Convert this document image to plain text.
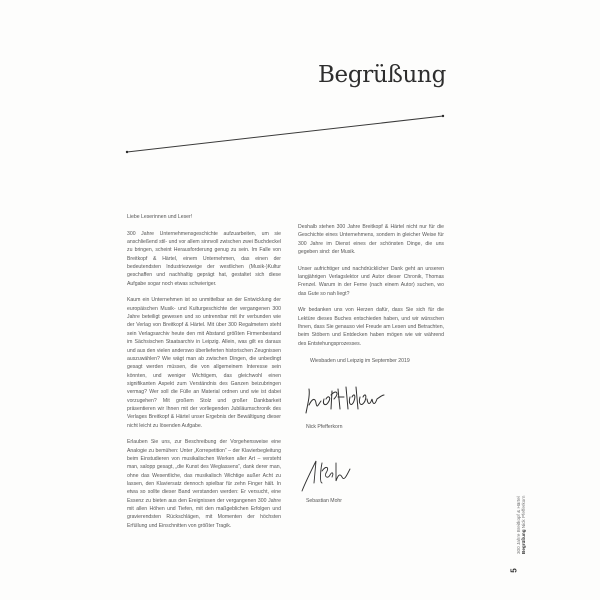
Begrüßung

Liebe Leserinnen und Leser!

300 Jahre Unternehmensgeschichte aufzuarbeiten, um sie anschließend stil- und vor allem sinnvoll zwischen zwei Buchdeckel zu bringen, scheint Herausforderung genug zu sein. Im Falle von Breitkopf & Härtel, einem Unternehmen, das einen der bedeutendsten Industriezweige der westlichen (Musik-)Kultur geschaffen und nachhaltig geprägt hat, gestaltet sich diese Aufgabe sogar noch etwas schwieriger.

Kaum ein Unternehmen ist so unmittelbar an der Entwicklung der europäischen Musik- und Kulturgeschichte der vergangenen 300 Jahre beteiligt gewesen und so untrennbar mit ihr verbunden wie der Verlag von Breitkopf & Härtel. Mit über 300 Regalmetern steht sein Verlagsarchiv heute den mit Abstand größten Firmenbestand im Sächsischen Staatsarchiv in Leipzig. Allein, was gilt es daraus und aus den vielen anderswo überlieferten historischen Zeugnissen auszuwählen? Wie wägt man ab zwischen Dingen, die unbedingt gesagt werden müssen, die von allgemeinem Interesse sein könnten, und weniger Wichtigem, das gleichwohl einen signifikanten Aspekt zum Verständnis des Ganzen beizubringen vermag? Wer soll die Fülle an Material ordnen und wie ist dabei vorzugehen? Mit großem Stolz und großer Dankbarkeit präsentieren wir Ihnen mit der vorliegenden Jubiläumschronik des Verlages Breitkopf & Härtel unser Ergebnis der Bewältigung dieser nicht leicht zu lösenden Aufgabe.

Erlauben Sie uns, zur Beschreibung der Vorgehensweise eine Analogie zu bemühen: Unter „Korrepetition“ – der Klavierbegleitung beim Einstudieren von musikalischen Werken aller Art – versteht man, salopp gesagt, „die Kunst des Weglassens“, dank derer man, ohne das Wesentliche, das musikalisch Wichtige außer Acht zu lassen, den Klaviersatz dennoch spielbar für zehn Finger hält. In etwa so sollte dieser Band verstanden werden: Er versucht, eine Essenz zu bieten aus den Ereignissen der vergangenen 300 Jahre mit allen Höhen und Tiefen, mit den maßgeblichen Erfolgen und gravierendsten Rückschlägen, mit Momenten der höchsten Erfüllung und Einschnitten von größter Tragik.

Deshalb stehen 300 Jahre Breitkopf & Härtel nicht nur für die Geschichte eines Unternehmens, sondern in gleicher Weise für 300 Jahre im Dienst eines der schönsten Dinge, die uns gegeben sind: der Musik.

Unser aufrichtiger und nachdrücklicher Dank geht an unseren langjährigen Verlagslektor und Autor dieser Chronik, Thomas Frenzel. Warum in der Ferne (nach einem Autor) suchen, wo das Gute so nah liegt?

Wir bedanken uns von Herzen dafür, dass Sie sich für die Lektüre dieses Buches entschieden haben, und wir wünschen Ihnen, dass Sie genauso viel Freude am Lesen und Betrachten, beim Stöbern und Entdecken haben mögen wie wir während des Entstehungsprozesses.

Wiesbaden und Leipzig im September 2019

Nick Pfefferkorn
Sebastian Mohr	300 Jahre Breitkopf & Härtel Begrüßung Nick Pfefferkorn
5
